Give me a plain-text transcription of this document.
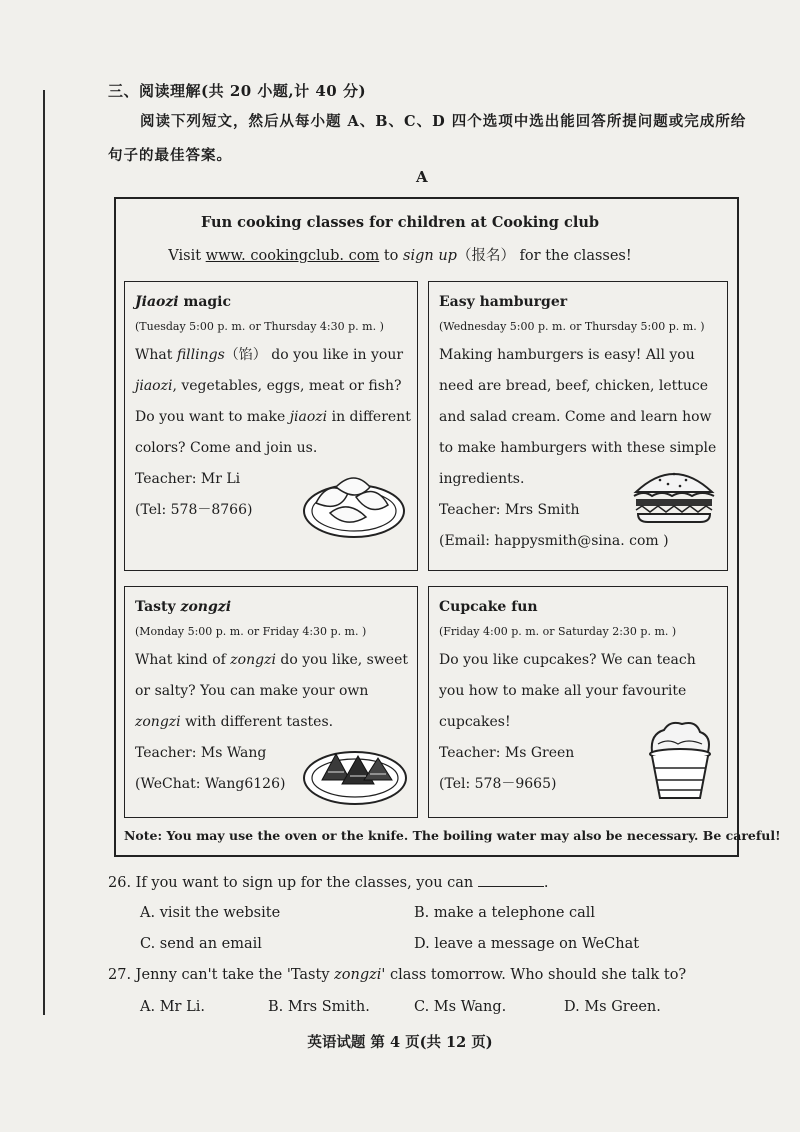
三、阅读理解(共 20 小题,计 40 分)
阅读下列短文，然后从每小题 A、B、C、D 四个选项中选出能回答所提问题或完成所给
句子的最佳答案。
A
Fun cooking classes for children at Cooking club
Visit www. cookingclub. com to sign up（报名） for the classes!
Jiaozi magic
(Tuesday 5:00 p. m. or Thursday 4:30 p. m. )
What fillings（馅） do you like in your
jiaozi, vegetables, eggs, meat or fish?
Do you want to make jiaozi in different
colors? Come and join us.
Teacher: Mr Li
(Tel: 578－8766)
Easy hamburger
(Wednesday 5:00 p. m. or Thursday 5:00 p. m. )
Making hamburgers is easy! All you
need are bread, beef, chicken, lettuce
and salad cream. Come and learn how
to make hamburgers with these simple
ingredients.
Teacher: Mrs Smith
(Email: happysmith@sina. com )
Tasty zongzi
(Monday 5:00 p. m. or Friday 4:30 p. m. )
What kind of zongzi do you like, sweet
or salty? You can make your own
zongzi with different tastes.
Teacher: Ms Wang
(WeChat: Wang6126)
Cupcake fun
(Friday 4:00 p. m. or Saturday 2:30 p. m. )
Do you like cupcakes? We can teach
you how to make all your favourite
cupcakes!
Teacher: Ms Green
(Tel: 578－9665)
Note: You may use the oven or the knife. The boiling water may also be necessary. Be careful!
26. If you want to sign up for the classes, you can	.
A. visit the website	B. make a telephone call
C. send an email	D. leave a message on WeChat
27. Jenny can't take the 'Tasty zongzi' class tomorrow. Who should she talk to?
A. Mr Li.	B. Mrs Smith.	C. Ms Wang.	D. Ms Green.
英语试题 第 4 页(共 12 页)
